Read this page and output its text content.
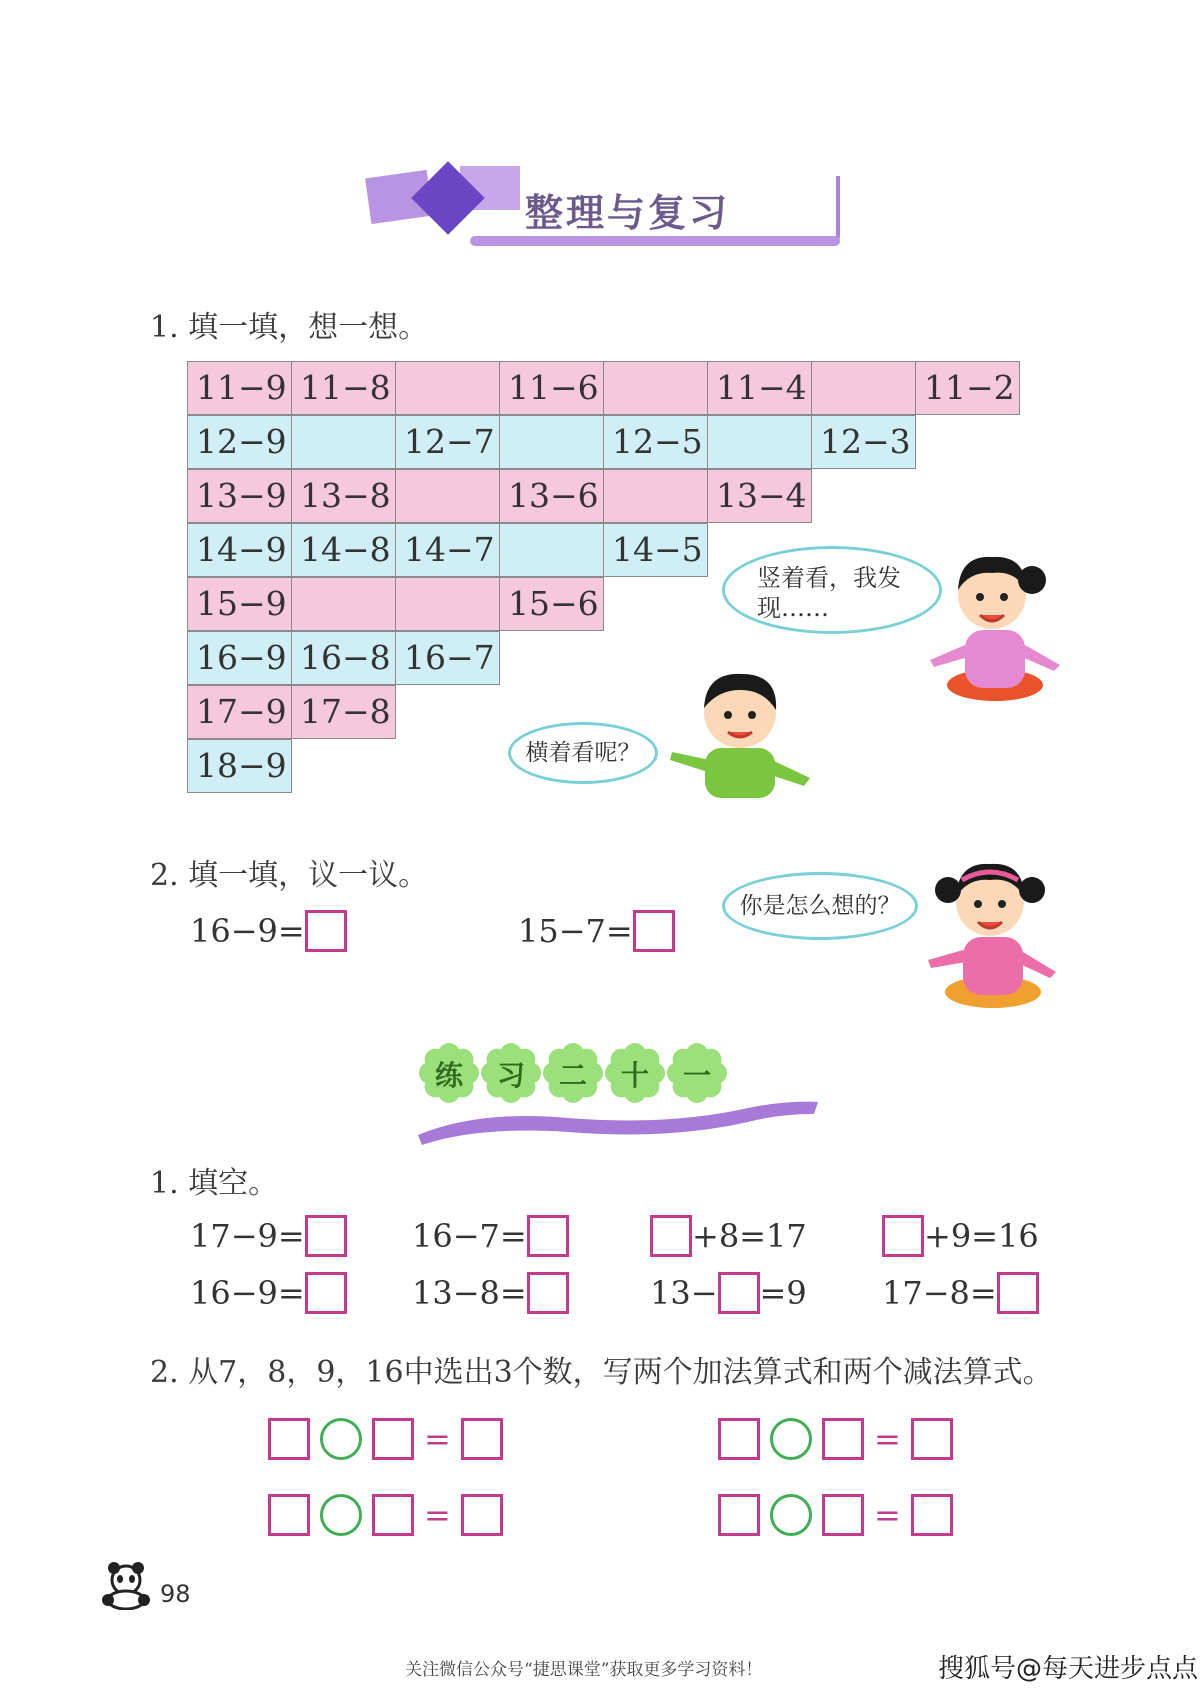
整理与复习
1. 填一填，想一想。
11−9 11−8	11−6	11−4	11−2
12−9	12−7	12−5	12−3
13−9 13−8	13−6	13−4
14−9 14−8 14−7	14−5
15−9	15−6
16−9 16−8 16−7
17−9 17−8
18−9
竖着看，我发现……
横着看呢？
2. 填一填，议一议。
16−9=	15−7=
你是怎么想的？
练	习	二	十	一
1. 填空。
17−9=	16−7=	+8=17	+9=16
16−9=	13−8=	13− =9 17−8=
2. 从7，8，9，16中选出3个数，写两个加法算式和两个减法算式。
=	=
=	=
98
关注微信公众号“捷思课堂”获取更多学习资料！	搜狐号@每天进步点点
